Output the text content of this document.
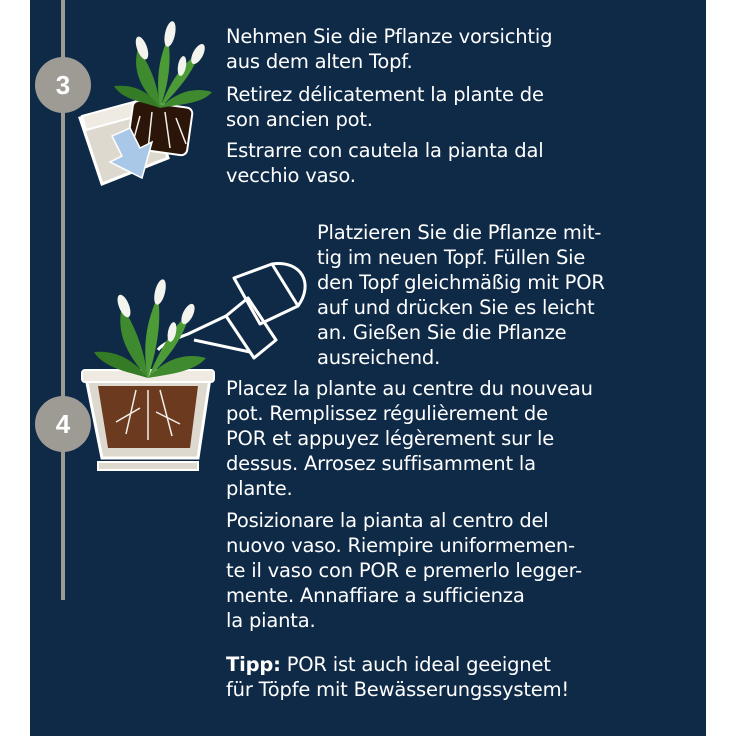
3
Nehmen Sie die Pflanze vorsichtig
aus dem alten Topf.
Retirez délicatement la plante de
son ancien pot.
Estrarre con cautela la pianta dal
vecchio vaso.
4
Platzieren Sie die Pflanze mit-
tig im neuen Topf. Füllen Sie
den Topf gleichmäßig mit POR
auf und drücken Sie es leicht
an. Gießen Sie die Pflanze
ausreichend.
Placez la plante au centre du nouveau
pot. Remplissez régulièrement de
POR et appuyez légèrement sur le
dessus. Arrosez suffisamment la
plante.
Posizionare la pianta al centro del
nuovo vaso. Riempire uniformemen-
te il vaso con POR e premerlo legger-
mente. Annaffiare a sufficienza
la pianta.
Tipp: POR ist auch ideal geeignet
für Töpfe mit Bewässerungssystem!
